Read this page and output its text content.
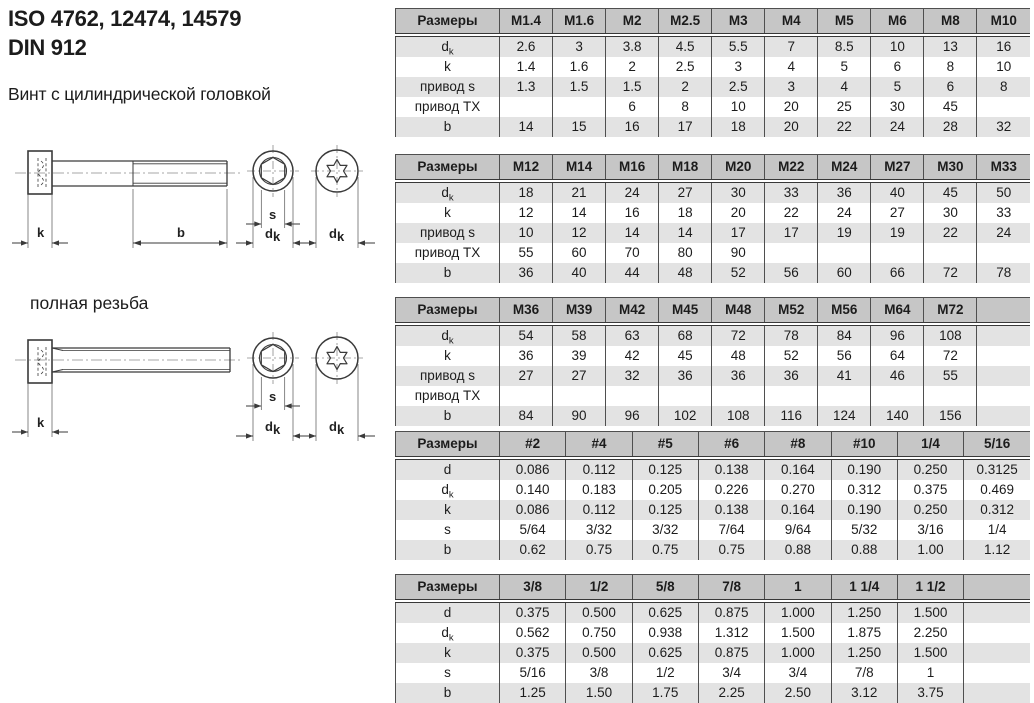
ISO 4762, 12474, 14579
DIN 912
Винт с цилиндрической головкой
k	b
s
dk	dk
полная резьба
k
s
dk	dk
Размеры	M1.4	M1.6	M2	M2.5	M3	M4	M5	M6	M8	M10
$d_k$	2.6	3	3.8	4.5	5.5	7	8.5	10	13	16
k	1.4	1.6	2	2.5	3	4	5	6	8	10
привод s	1.3	1.5	1.5	2	2.5	3	4	5	6	8
привод TX			6	8	10	20	25	30	45	
b	14	15	16	17	18	20	22	24	28	32
Размеры	M12	M14	M16	M18	M20	M22	M24	M27	M30	M33
$d_k$	18	21	24	27	30	33	36	40	45	50
k	12	14	16	18	20	22	24	27	30	33
привод s	10	12	14	14	17	17	19	19	22	24
привод TX	55	60	70	80	90					
b	36	40	44	48	52	56	60	66	72	78
Размеры	M36	M39	M42	M45	M48	M52	M56	M64	M72	
$d_k$	54	58	63	68	72	78	84	96	108	
k	36	39	42	45	48	52	56	64	72	
привод s	27	27	32	36	36	36	41	46	55	
привод TX										
b	84	90	96	102	108	116	124	140	156	
Размеры	#2	#4	#5	#6	#8	#10	1/4	5/16
d	0.086	0.112	0.125	0.138	0.164	0.190	0.250	0.3125
$d_k$	0.140	0.183	0.205	0.226	0.270	0.312	0.375	0.469
k	0.086	0.112	0.125	0.138	0.164	0.190	0.250	0.312
s	5/64	3/32	3/32	7/64	9/64	5/32	3/16	1/4
b	0.62	0.75	0.75	0.75	0.88	0.88	1.00	1.12
Размеры	3/8	1/2	5/8	7/8	1	1 1/4	1 1/2	
d	0.375	0.500	0.625	0.875	1.000	1.250	1.500	
$d_k$	0.562	0.750	0.938	1.312	1.500	1.875	2.250	
k	0.375	0.500	0.625	0.875	1.000	1.250	1.500	
s	5/16	3/8	1/2	3/4	3/4	7/8	1	
b	1.25	1.50	1.75	2.25	2.50	3.12	3.75	
